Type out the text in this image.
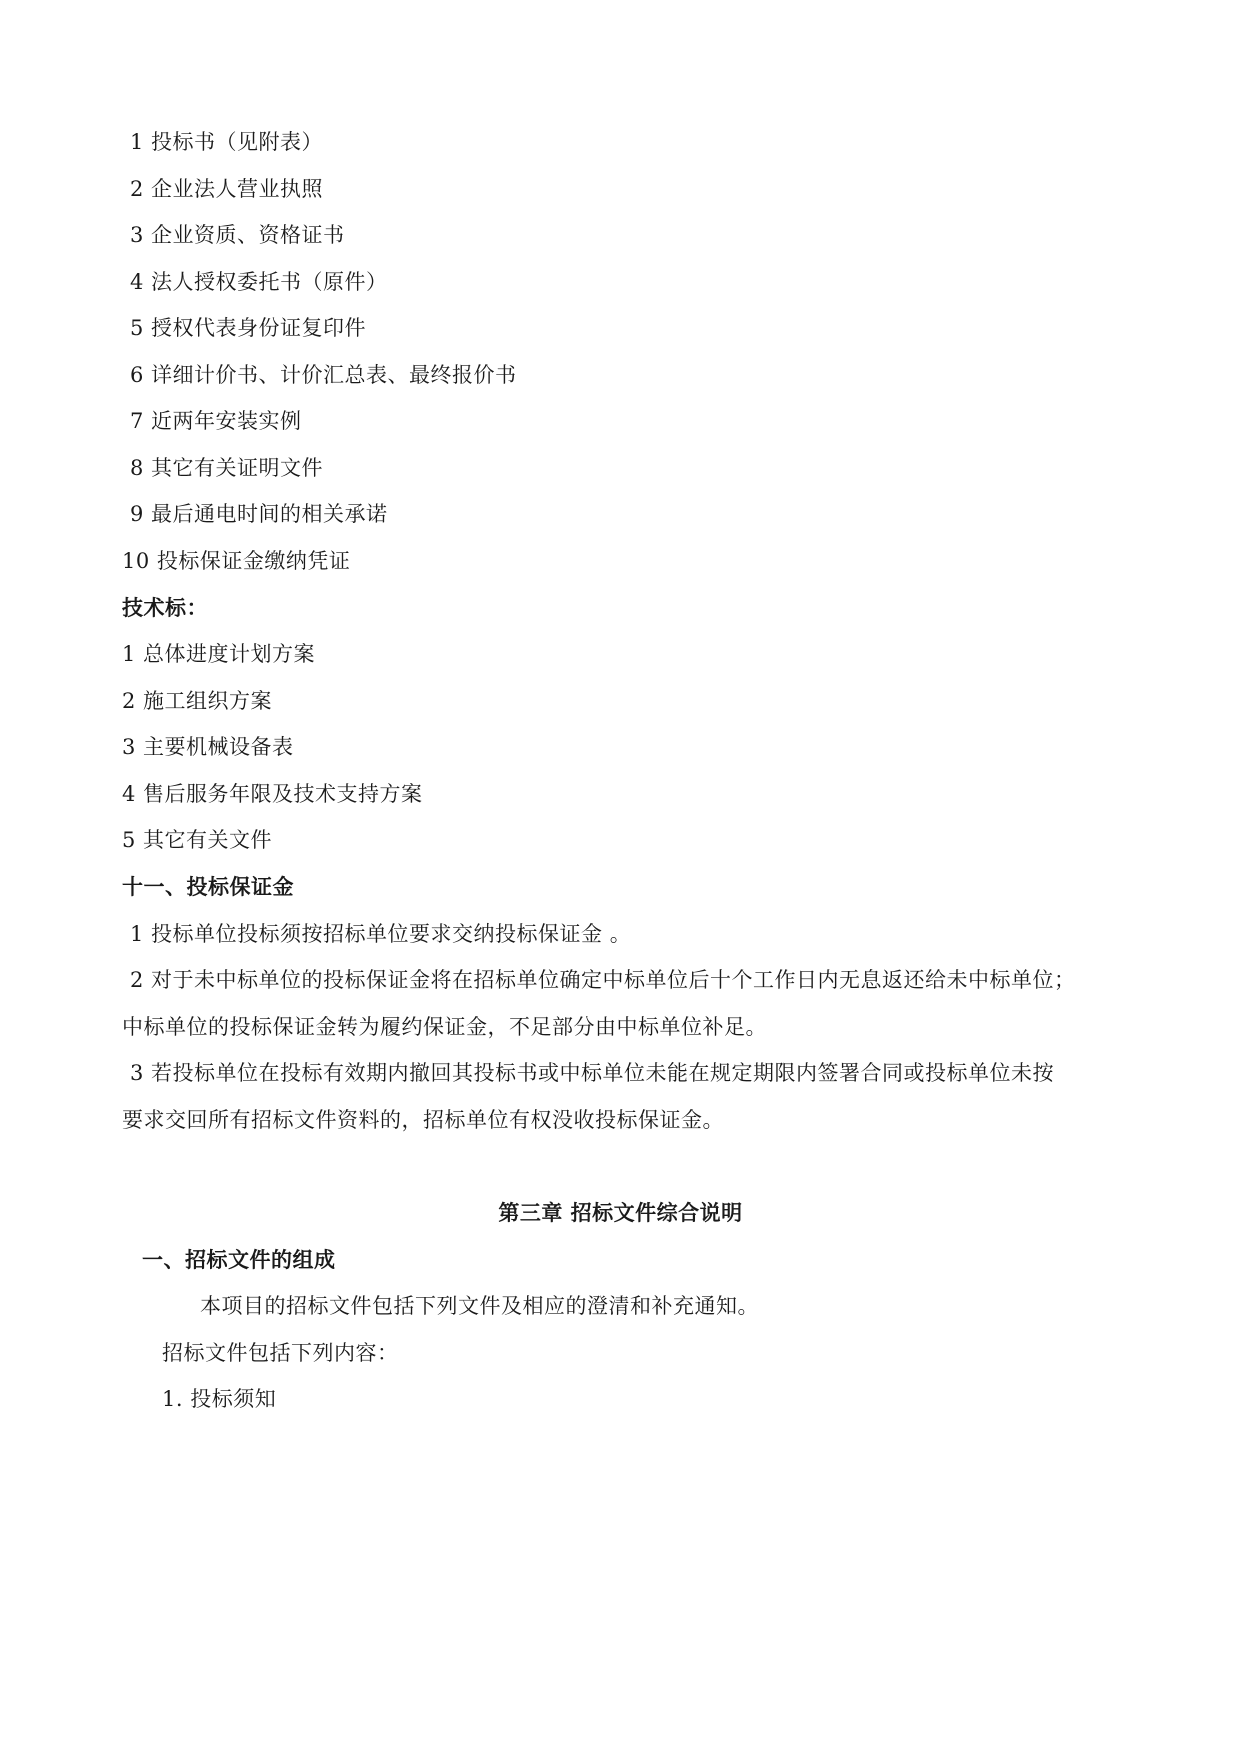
1 投标书（见附表）
2 企业法人营业执照
3 企业资质、资格证书
4 法人授权委托书（原件）
5 授权代表身份证复印件
6 详细计价书、计价汇总表、最终报价书
7 近两年安装实例
8 其它有关证明文件
9 最后通电时间的相关承诺
10 投标保证金缴纳凭证
技术标：
1 总体进度计划方案
2 施工组织方案
3 主要机械设备表
4 售后服务年限及技术支持方案
5 其它有关文件
十一、投标保证金
1 投标单位投标须按招标单位要求交纳投标保证金 。
2 对于未中标单位的投标保证金将在招标单位确定中标单位后十个工作日内无息返还给未中标单位；
中标单位的投标保证金转为履约保证金，不足部分由中标单位补足。
3 若投标单位在投标有效期内撤回其投标书或中标单位未能在规定期限内签署合同或投标单位未按
要求交回所有招标文件资料的，招标单位有权没收投标保证金。
第三章 招标文件综合说明
一、招标文件的组成
本项目的招标文件包括下列文件及相应的澄清和补充通知。
招标文件包括下列内容：
1. 投标须知
